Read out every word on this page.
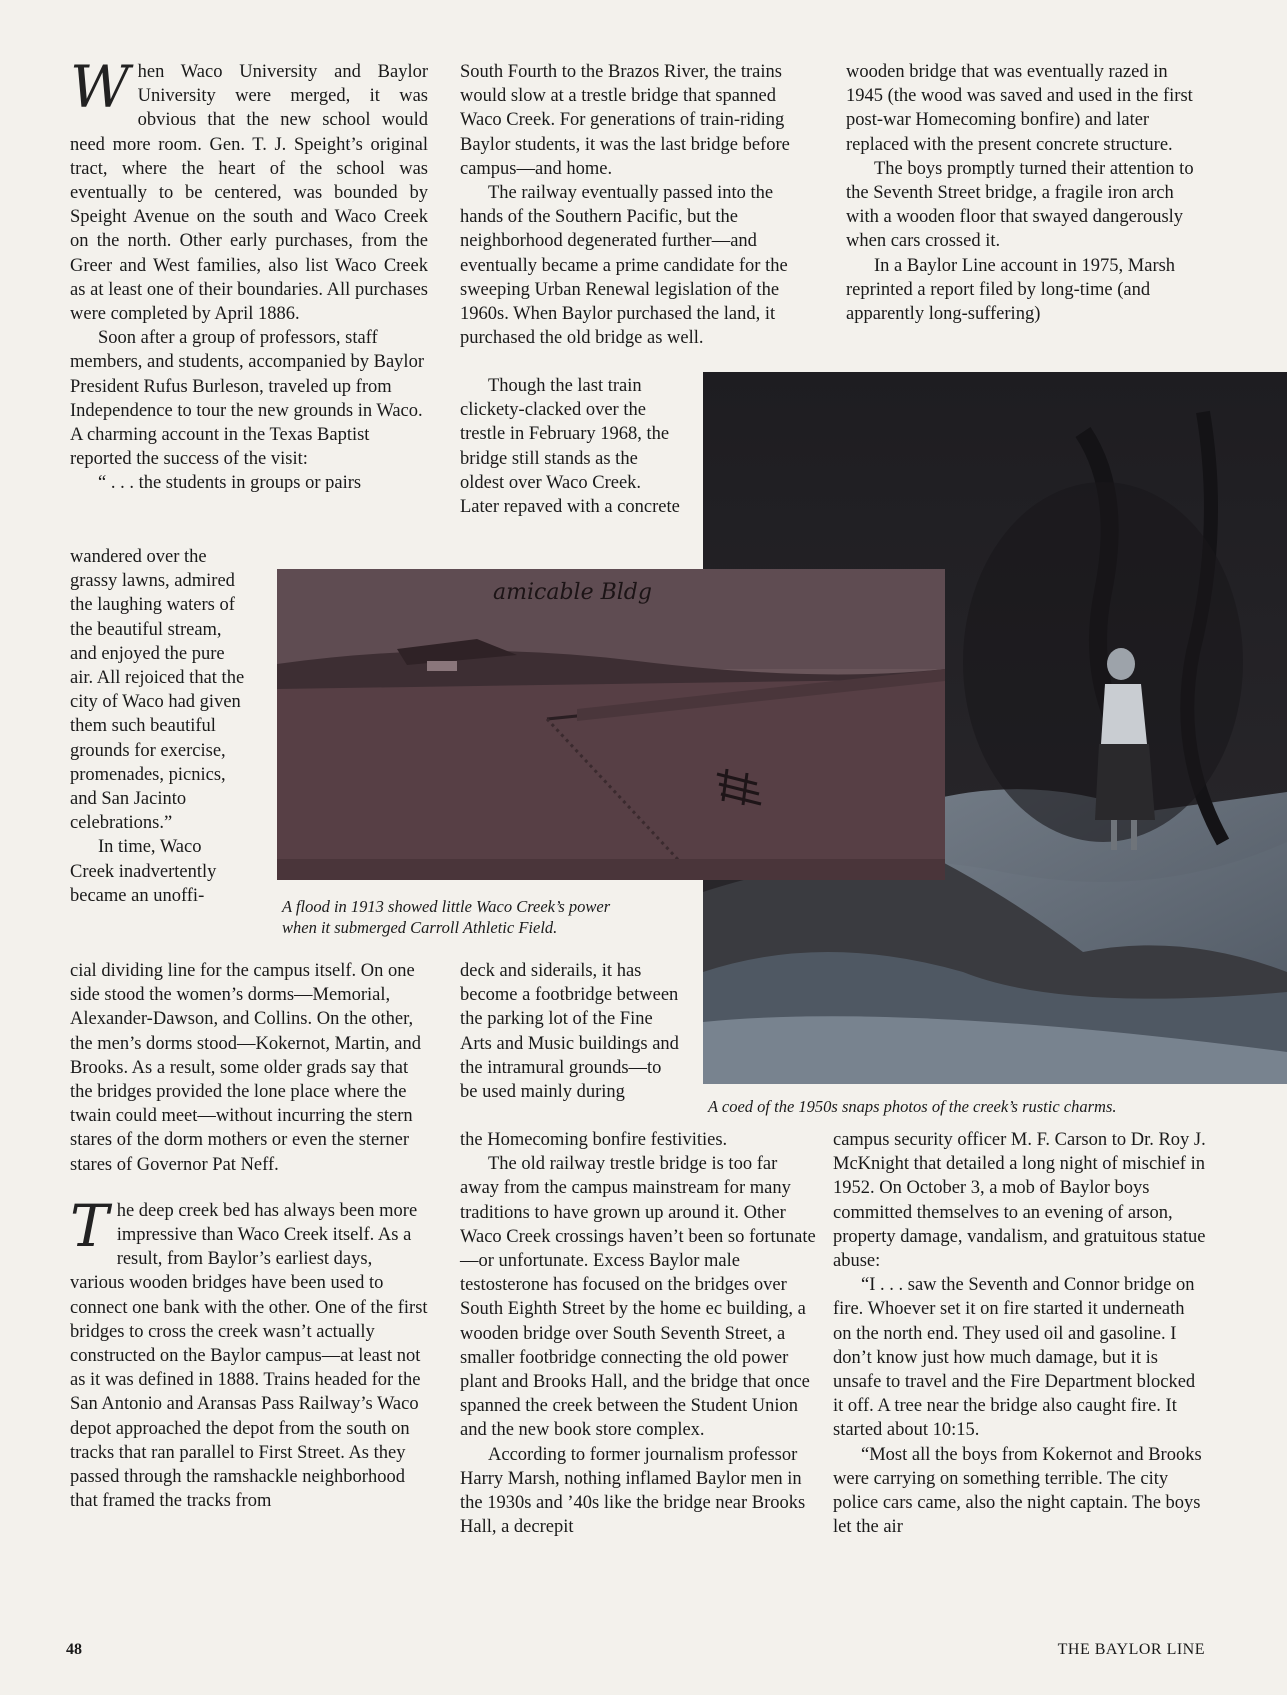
W hen Waco University and Baylor University were merged, it was obvious that the new school would need more room. Gen. T. J. Speight’s original tract, where the heart of the school was eventually to be centered, was bounded by Speight Avenue on the south and Waco Creek on the north. Other early purchases, from the Greer and West families, also list Waco Creek as at least one of their boundaries. All purchases were completed by April 1886.

Soon after a group of professors, staff members, and students, accompanied by Baylor President Rufus Burleson, traveled up from Independence to tour the new grounds in Waco. A charming account in the Texas Baptist reported the success of the visit:

“ . . . the students in groups or pairs

wandered over the grassy lawns, admired the laughing waters of the beautiful stream, and enjoyed the pure air. All rejoiced that the city of Waco had given them such beautiful grounds for exercise, promenades, picnics, and San Jacinto celebrations.”

In time, Waco Creek inadvertently became an unoffi-

cial dividing line for the campus itself. On one side stood the women’s dorms—Memorial, Alexander-Dawson, and Collins. On the other, the men’s dorms stood—Kokernot, Martin, and Brooks. As a result, some older grads say that the bridges provided the lone place where the twain could meet—without incurring the stern stares of the dorm mothers or even the sterner stares of Governor Pat Neff.

T he deep creek bed has always been more impressive than Waco Creek itself. As a result, from Baylor’s earliest days, various wooden bridges have been used to connect one bank with the other. One of the first bridges to cross the creek wasn’t actually constructed on the Baylor campus—at least not as it was defined in 1888. Trains headed for the San Antonio and Aransas Pass Railway’s Waco depot approached the depot from the south on tracks that ran parallel to First Street. As they passed through the ramshackle neighborhood that framed the tracks from

South Fourth to the Brazos River, the trains would slow at a trestle bridge that spanned Waco Creek. For generations of train-riding Baylor students, it was the last bridge before campus—and home.

The railway eventually passed into the hands of the Southern Pacific, but the neighborhood degenerated further—and eventually became a prime candidate for the sweeping Urban Renewal legislation of the 1960s. When Baylor purchased the land, it purchased the old bridge as well.

Though the last train clickety-clacked over the trestle in February 1968, the bridge still stands as the oldest over Waco Creek. Later repaved with a concrete

deck and siderails, it has become a footbridge between the parking lot of the Fine Arts and Music buildings and the intramural grounds—to be used mainly during

the Homecoming bonfire festivities.

The old railway trestle bridge is too far away from the campus mainstream for many traditions to have grown up around it. Other Waco Creek crossings haven’t been so fortunate—or unfortunate. Excess Baylor male testosterone has focused on the bridges over South Eighth Street by the home ec building, a wooden bridge over South Seventh Street, a smaller footbridge connecting the old power plant and Brooks Hall, and the bridge that once spanned the creek between the Student Union and the new book store complex.

According to former journalism professor Harry Marsh, nothing inflamed Baylor men in the 1930s and ’40s like the bridge near Brooks Hall, a decrepit

wooden bridge that was eventually razed in 1945 (the wood was saved and used in the first post-war Homecoming bonfire) and later replaced with the present concrete structure.

The boys promptly turned their attention to the Seventh Street bridge, a fragile iron arch with a wooden floor that swayed dangerously when cars crossed it.

In a Baylor Line account in 1975, Marsh reprinted a report filed by long-time (and apparently long-suffering)

campus security officer M. F. Carson to Dr. Roy J. McKnight that detailed a long night of mischief in 1952. On October 3, a mob of Baylor boys committed themselves to an evening of arson, property damage, vandalism, and gratuitous statue abuse:

“I . . . saw the Seventh and Connor bridge on fire. Whoever set it on fire started it underneath on the north end. They used oil and gasoline. I don’t know just how much damage, but it is unsafe to travel and the Fire Department blocked it off. A tree near the bridge also caught fire. It started about 10:15.

“Most all the boys from Kokernot and Brooks were carrying on something terrible. The city police cars came, also the night captain. The boys let the air

amicable Bldg
A flood in 1913 showed little Waco Creek’s power
when it submerged Carroll Athletic Field.
A coed of the 1950s snaps photos of the creek’s rustic charms.
48	THE BAYLOR LINE
